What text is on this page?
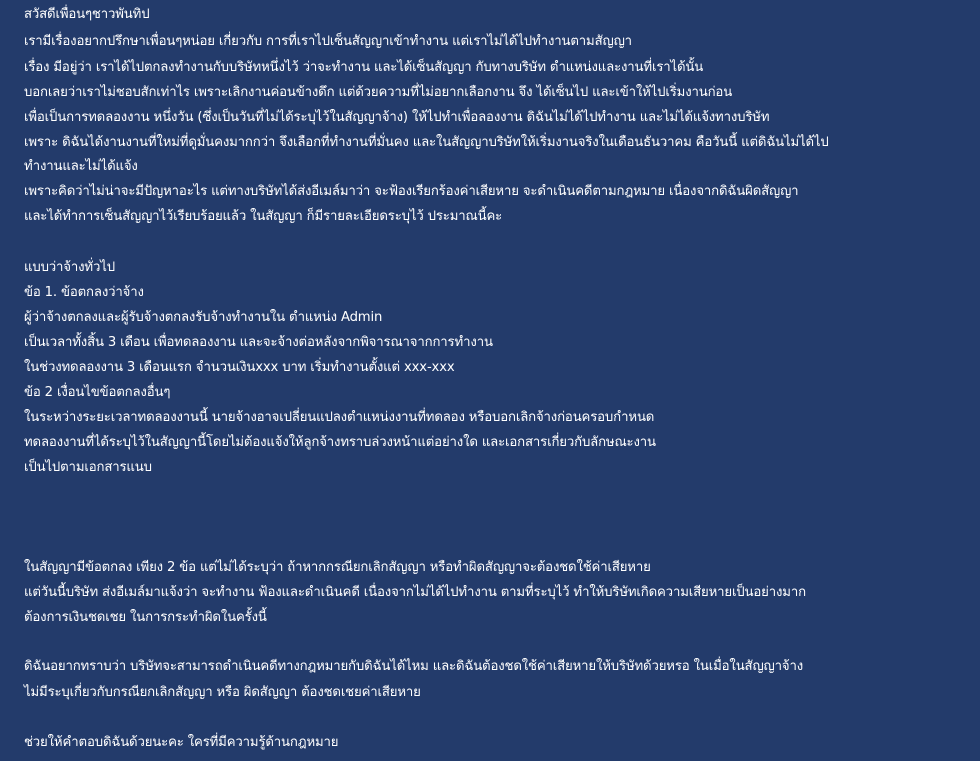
สวัสดีเพื่อนๆชาวพันทิป
เรามีเรื่องอยากปรึกษาเพื่อนๆหน่อย เกี่ยวกับ การที่เราไปเซ็นสัญญาเข้าทำงาน แต่เราไม่ได้ไปทำงานตามสัญญา
เรื่อง มีอยู่ว่า เราได้ไปตกลงทำงานกับบริษัทหนึ่งไว้ ว่าจะทำงาน และได้เซ็นสัญญา กับทางบริษัท ตำแหน่งและงานที่เราได้นั้น
บอกเลยว่าเราไม่ชอบสักเท่าไร เพราะเลิกงานค่อนข้างดึก แต่ด้วยความที่ไม่อยากเลือกงาน จึง ได้เซ็นไป และเข้าให้ไปเริ่มงานก่อน
เพื่อเป็นการทดลองงาน หนึ่งวัน (ซึ่งเป็นวันที่ไม่ได้ระบุไว้ในสัญญาจ้าง) ให้ไปทำเพื่อลองงาน ดิฉันไม่ได้ไปทำงาน และไม่ได้แจ้งทางบริษัท
เพราะ ดิฉันได้งานงานที่ใหม่ที่ดูมั่นคงมากกว่า จึงเลือกที่ทำงานที่มั่นคง และในสัญญาบริษัทให้เริ่มงานจริงในเดือนธันวาคม คือวันนี้ แต่ดิฉันไม่ได้ไป
ทำงานและไม่ได้แจ้ง
เพราะคิดว่าไม่น่าจะมีปัญหาอะไร แต่ทางบริษัทได้ส่งอีเมล์มาว่า จะฟ้องเรียกร้องค่าเสียหาย จะดำเนินคดีตามกฎหมาย เนื่องจากดิฉันผิดสัญญา
และได้ทำการเซ็นสัญญาไว้เรียบร้อยแล้ว ในสัญญา ก็มีรายละเอียดระบุไว้ ประมาณนี้คะ
แบบว่าจ้างทั่วไป
ข้อ 1. ข้อตกลงว่าจ้าง
ผู้ว่าจ้างตกลงและผู้รับจ้างตกลงรับจ้างทำงานใน ตำแหน่ง Admin
เป็นเวลาทั้งสิ้น 3 เดือน เพื่อทดลองงาน และจะจ้างต่อหลังจากพิจารณาจากการทำงาน
ในช่วงทดลองงาน 3 เดือนแรก จำนวนเงินxxx บาท เริ่มทำงานตั้งแต่ xxx-xxx
ข้อ 2 เงื่อนไขข้อตกลงอื่นๆ
ในระหว่างระยะเวลาทดลองงานนี้ นายจ้างอาจเปลี่ยนแปลงตำแหน่งงานที่ทดลอง หรือบอกเลิกจ้างก่อนครอบกำหนด
ทดลองงานที่ได้ระบุไว้ในสัญญานี้โดยไม่ต้องแจ้งให้ลูกจ้างทราบล่วงหน้าแต่อย่างใด และเอกสารเกี่ยวกับลักษณะงาน
เป็นไปตามเอกสารแนบ
ในสัญญามีข้อตกลง เพียง 2 ข้อ แต่ไม่ได้ระบุว่า ถ้าหากกรณียกเลิกสัญญา หรือทำผิดสัญญาจะต้องชดใช้ค่าเสียหาย
แต่วันนี้บริษัท ส่งอีเมล์มาแจ้งว่า จะทำงาน ฟ้องและดำเนินคดี เนื่องจากไม่ได้ไปทำงาน ตามที่ระบุไว้ ทำให้บริษัทเกิดความเสียหายเป็นอย่างมาก
ต้องการเงินชดเชย ในการกระทำผิดในครั้งนี้
ดิฉันอยากทราบว่า บริษัทจะสามารถดำเนินคดีทางกฎหมายกับดิฉันได้ไหม และดิฉันต้องชดใช้ค่าเสียหายให้บริษัทด้วยหรอ ในเมื่อในสัญญาจ้าง
ไม่มีระบุเกี่ยวกับกรณียกเลิกสัญญา หรือ ผิดสัญญา ต้องชดเชยค่าเสียหาย
ช่วยให้คำตอบดิฉันด้วยนะคะ ใครที่มีความรู้ด้านกฎหมาย
